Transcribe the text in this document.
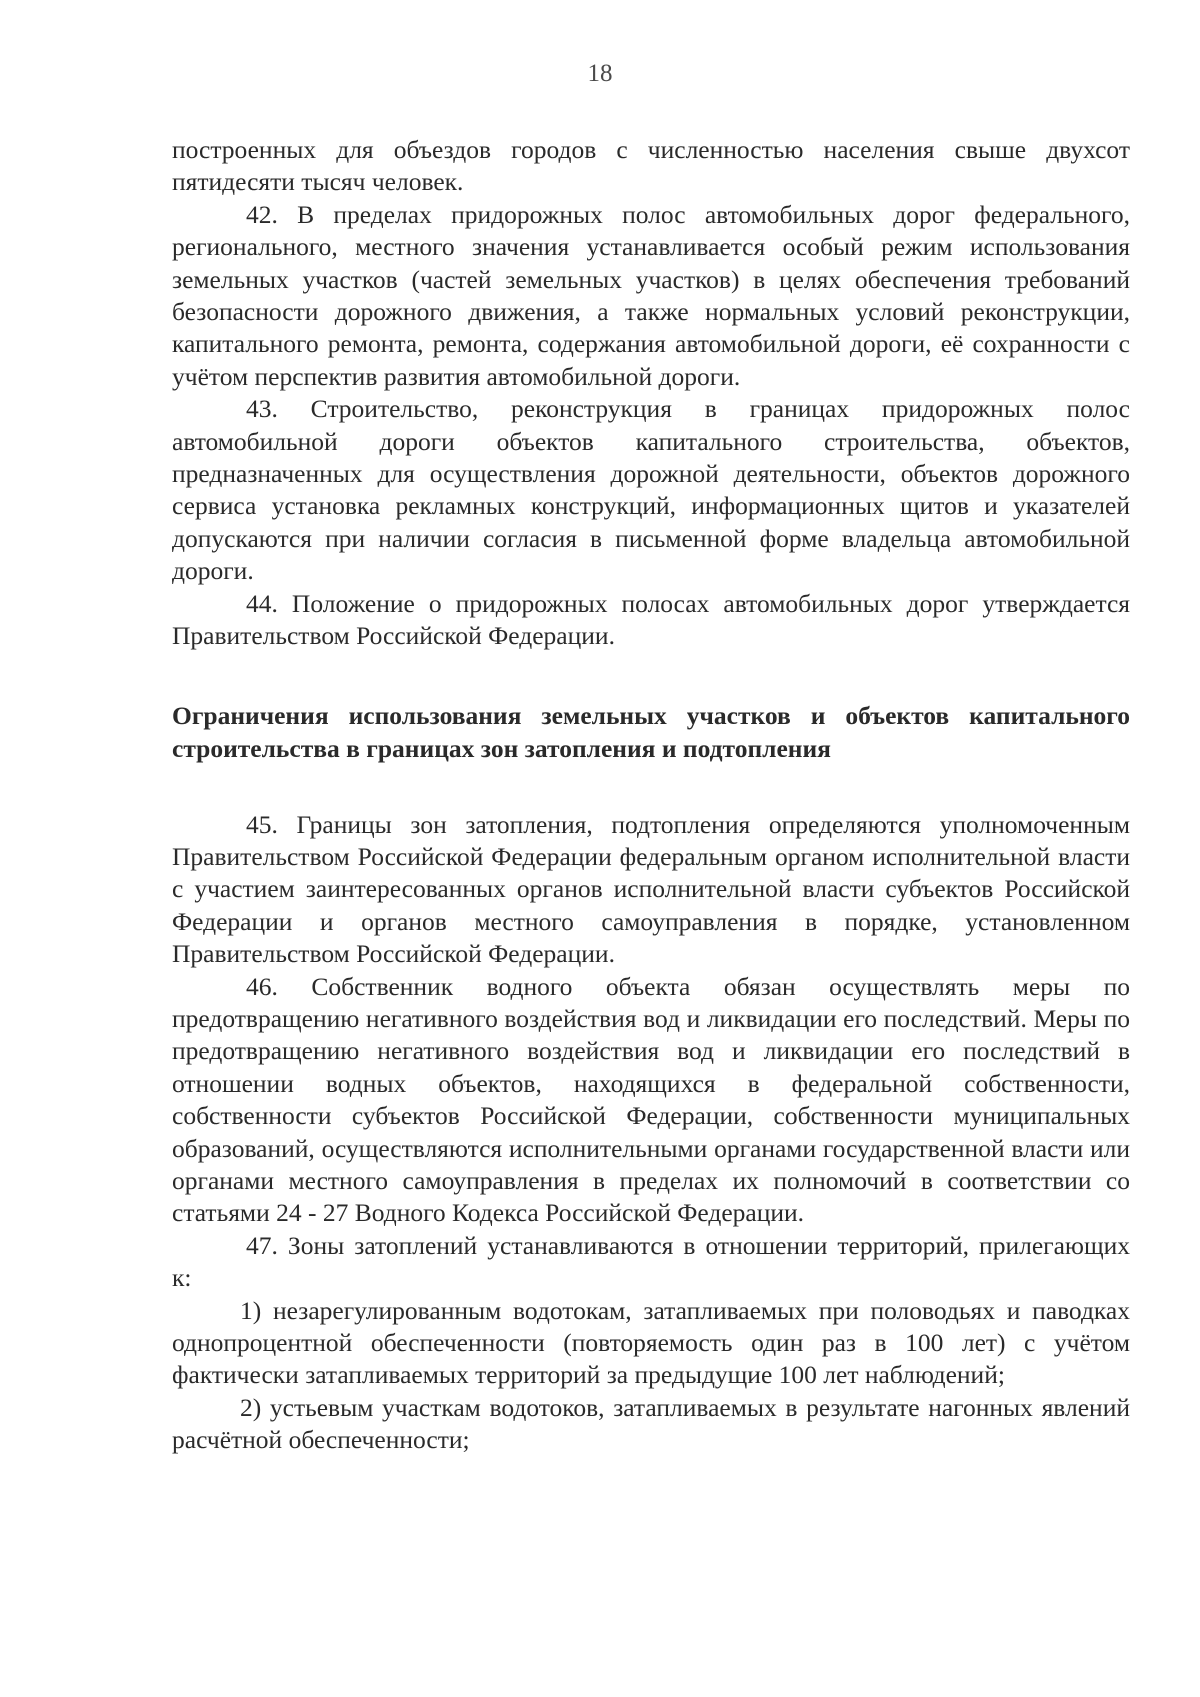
18

построенных для объездов городов с численностью населения свыше двухсот пятидесяти тысяч человек.

42. В пределах придорожных полос автомобильных дорог федерального, регионального, местного значения устанавливается особый режим использования земельных участков (частей земельных участков) в целях обеспечения требований безопасности дорожного движения, а также нормальных условий реконструкции, капитального ремонта, ремонта, содержания автомобильной дороги, её сохранности с учётом перспектив развития автомобильной дороги.

43. Строительство, реконструкция в границах придорожных полос автомобильной дороги объектов капитального строительства, объектов, предназначенных для осуществления дорожной деятельности, объектов дорожного сервиса установка рекламных конструкций, информационных щитов и указателей допускаются при наличии согласия в письменной форме владельца автомобильной дороги.

44. Положение о придорожных полосах автомобильных дорог утверждается Правительством Российской Федерации.

Ограничения использования земельных участков и объектов капитального строительства в границах зон затопления и подтопления

45. Границы зон затопления, подтопления определяются уполномоченным Правительством Российской Федерации федеральным органом исполнительной власти с участием заинтересованных органов исполнительной власти субъектов Российской Федерации и органов местного самоуправления в порядке, установленном Правительством Российской Федерации.

46. Собственник водного объекта обязан осуществлять меры по предотвращению негативного воздействия вод и ликвидации его последствий. Меры по предотвращению негативного воздействия вод и ликвидации его последствий в отношении водных объектов, находящихся в федеральной собственности, собственности субъектов Российской Федерации, собственности муниципальных образований, осуществляются исполнительными органами государственной власти или органами местного самоуправления в пределах их полномочий в соответствии со статьями 24 - 27 Водного Кодекса Российской Федерации.

47. Зоны затоплений устанавливаются в отношении территорий, прилегающих к:

1) незарегулированным водотокам, затапливаемых при половодьях и паводках однопроцентной обеспеченности (повторяемость один раз в 100 лет) с учётом фактически затапливаемых территорий за предыдущие 100 лет наблюдений;

2) устьевым участкам водотоков, затапливаемых в результате нагонных явлений расчётной обеспеченности;
